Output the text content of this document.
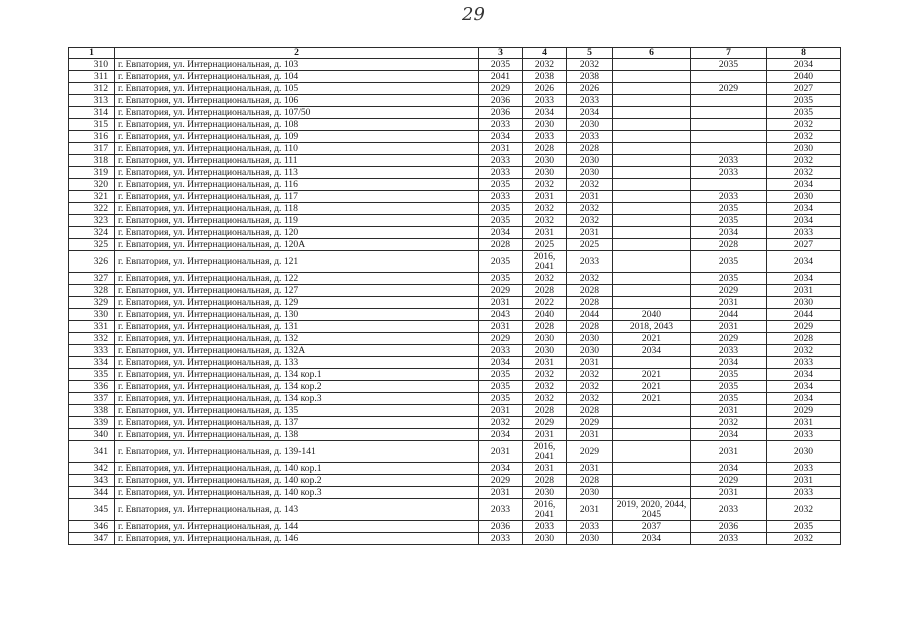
29
1	2	3	4	5	6	7	8
310	г. Евпатория, ул. Интернациональная, д. 103	2035	2032	2032		2035	2034
311	г. Евпатория, ул. Интернациональная, д. 104	2041	2038	2038			2040
312	г. Евпатория, ул. Интернациональная, д. 105	2029	2026	2026		2029	2027
313	г. Евпатория, ул. Интернациональная, д. 106	2036	2033	2033			2035
314	г. Евпатория, ул. Интернациональная, д. 107/50	2036	2034	2034			2035
315	г. Евпатория, ул. Интернациональная, д. 108	2033	2030	2030			2032
316	г. Евпатория, ул. Интернациональная, д. 109	2034	2033	2033			2032
317	г. Евпатория, ул. Интернациональная, д. 110	2031	2028	2028			2030
318	г. Евпатория, ул. Интернациональная, д. 111	2033	2030	2030		2033	2032
319	г. Евпатория, ул. Интернациональная, д. 113	2033	2030	2030		2033	2032
320	г. Евпатория, ул. Интернациональная, д. 116	2035	2032	2032			2034
321	г. Евпатория, ул. Интернациональная, д. 117	2033	2031	2031		2033	2030
322	г. Евпатория, ул. Интернациональная, д. 118	2035	2032	2032		2035	2034
323	г. Евпатория, ул. Интернациональная, д. 119	2035	2032	2032		2035	2034
324	г. Евпатория, ул. Интернациональная, д. 120	2034	2031	2031		2034	2033
325	г. Евпатория, ул. Интернациональная, д. 120А	2028	2025	2025		2028	2027
326	г. Евпатория, ул. Интернациональная, д. 121	2035	2016, 2041	2033		2035	2034
327	г. Евпатория, ул. Интернациональная, д. 122	2035	2032	2032		2035	2034
328	г. Евпатория, ул. Интернациональная, д. 127	2029	2028	2028		2029	2031
329	г. Евпатория, ул. Интернациональная, д. 129	2031	2022	2028		2031	2030
330	г. Евпатория, ул. Интернациональная, д. 130	2043	2040	2044	2040	2044	2044
331	г. Евпатория, ул. Интернациональная, д. 131	2031	2028	2028	2018, 2043	2031	2029
332	г. Евпатория, ул. Интернациональная, д. 132	2029	2030	2030	2021	2029	2028
333	г. Евпатория, ул. Интернациональная, д. 132А	2033	2030	2030	2034	2033	2032
334	г. Евпатория, ул. Интернациональная, д. 133	2034	2031	2031		2034	2033
335	г. Евпатория, ул. Интернациональная, д. 134 кор.1	2035	2032	2032	2021	2035	2034
336	г. Евпатория, ул. Интернациональная, д. 134 кор.2	2035	2032	2032	2021	2035	2034
337	г. Евпатория, ул. Интернациональная, д. 134 кор.3	2035	2032	2032	2021	2035	2034
338	г. Евпатория, ул. Интернациональная, д. 135	2031	2028	2028		2031	2029
339	г. Евпатория, ул. Интернациональная, д. 137	2032	2029	2029		2032	2031
340	г. Евпатория, ул. Интернациональная, д. 138	2034	2031	2031		2034	2033
341	г. Евпатория, ул. Интернациональная, д. 139-141	2031	2016, 2041	2029		2031	2030
342	г. Евпатория, ул. Интернациональная, д. 140 кор.1	2034	2031	2031		2034	2033
343	г. Евпатория, ул. Интернациональная, д. 140 кор.2	2029	2028	2028		2029	2031
344	г. Евпатория, ул. Интернациональная, д. 140 кор.3	2031	2030	2030		2031	2033
345	г. Евпатория, ул. Интернациональная, д. 143	2033	2016, 2041	2031	2019, 2020, 2044, 2045	2033	2032
346	г. Евпатория, ул. Интернациональная, д. 144	2036	2033	2033	2037	2036	2035
347	г. Евпатория, ул. Интернациональная, д. 146	2033	2030	2030	2034	2033	2032
